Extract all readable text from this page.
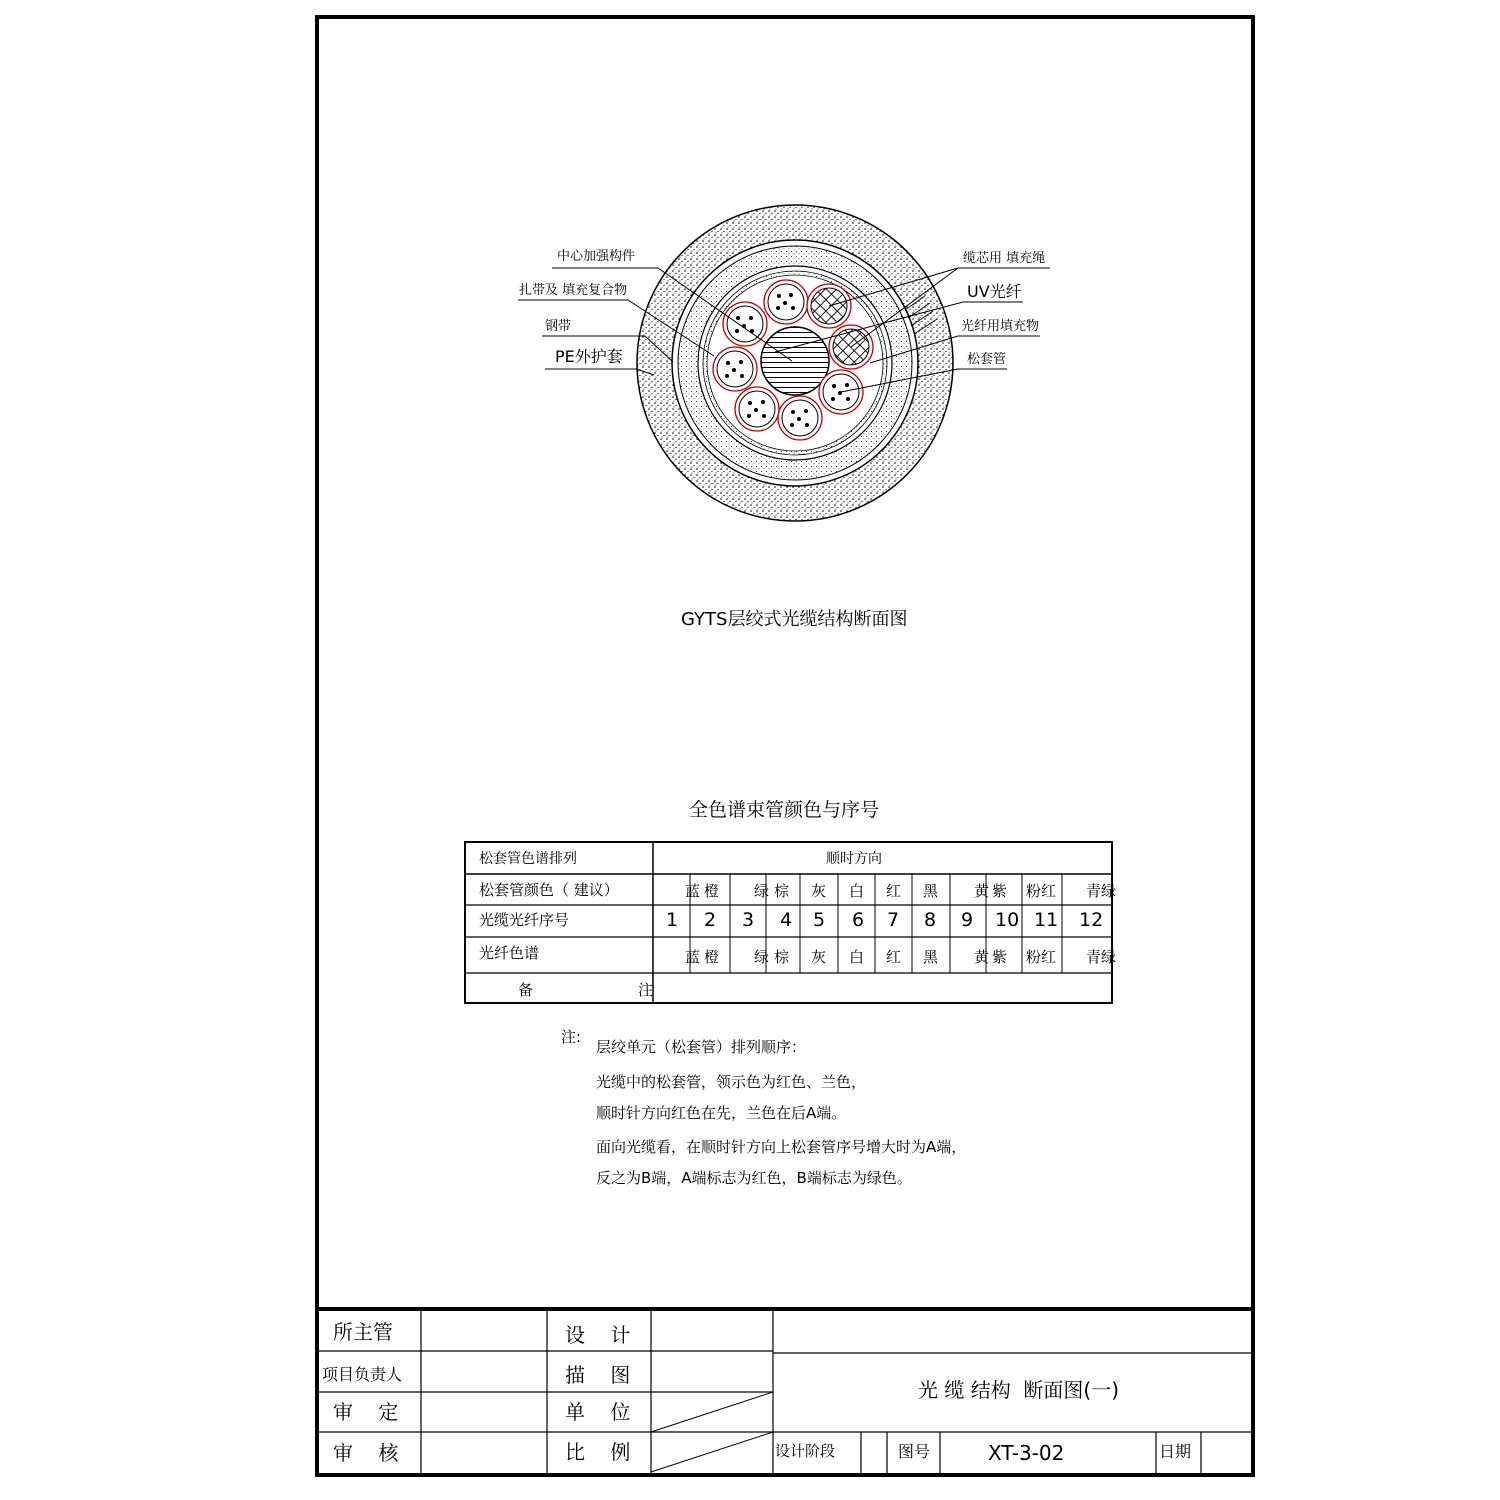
中心加强构件
扎带及 填充复合物
钢带
PE外护套
缆芯用 填充绳
UV光纤
光纤用填充物
松套管
GYTS层绞式光缆结构断面图
全色谱束管颜色与序号
松套管色谱排列	顺时方向
松套管颜色（ 建议）	蓝 橙 绿 棕 灰 白 红 黑 黄 紫 粉红 青绿
光缆光纤序号	1 2 3 4 5 6 7 8 9 10 11 12
光纤色谱	蓝 橙 绿 棕 灰 白 红 黑 黄 紫 粉红 青绿
备	注
注:
层绞单元（松套管）排列顺序：
光缆中的松套管，领示色为红色、兰色，
顺时针方向红色在先，兰色在后A端。
面向光缆看，在顺时针方向上松套管序号增大时为A端，
反之为B端，A端标志为红色，B端标志为绿色。
所主管
项目负责人
审    定
审    核
设    计
描    图
单    位
比    例
光 缆 结构  断面图(一)
设计阶段	图号	XT-3-02	日期
